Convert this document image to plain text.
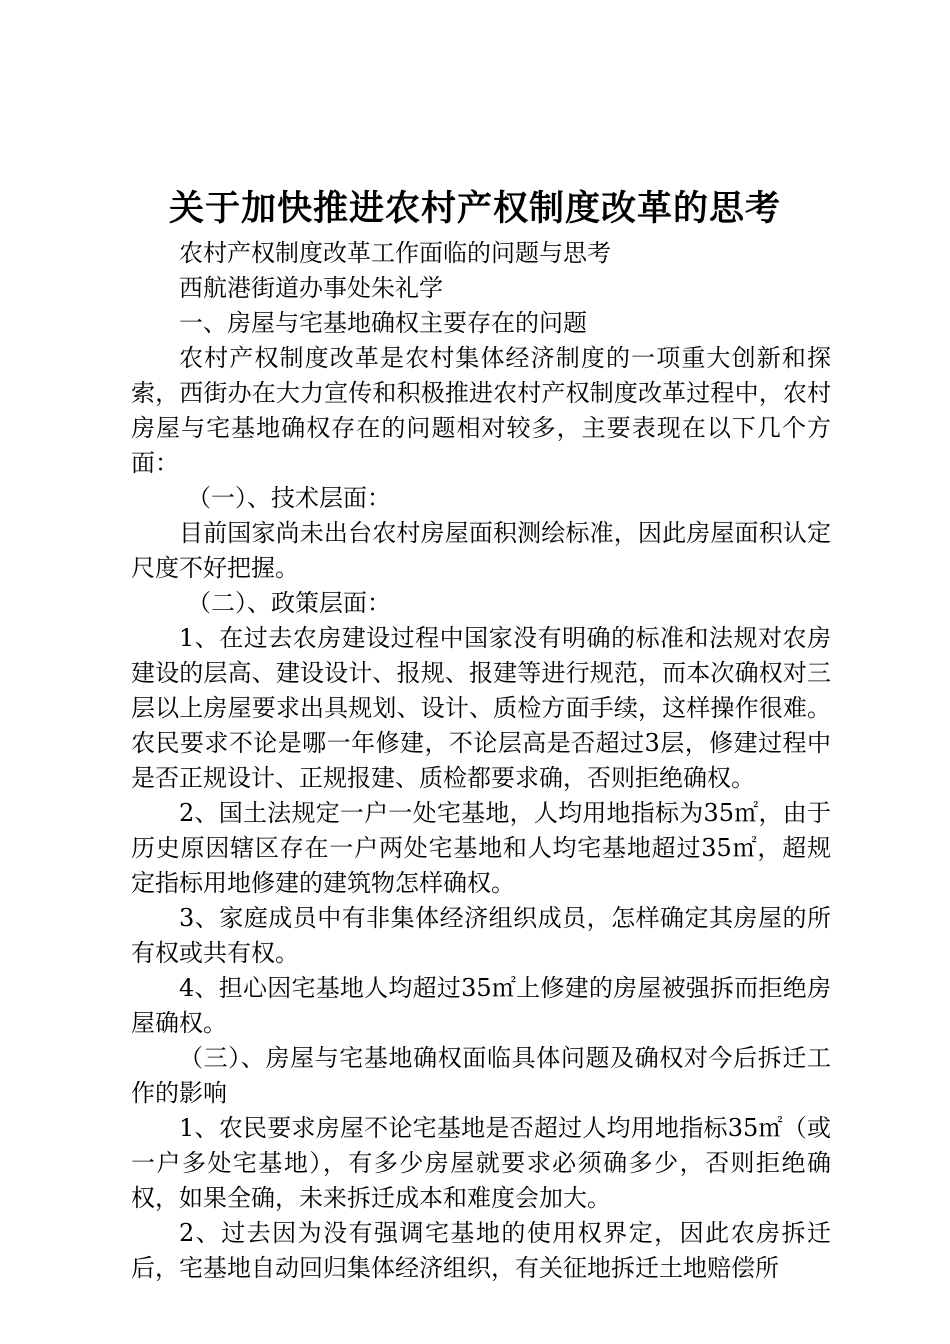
关于加快推进农村产权制度改革的思考

农村产权制度改革工作面临的问题与思考

西航港街道办事处朱礼学

一、房屋与宅基地确权主要存在的问题

农村产权制度改革是农村集体经济制度的一项重大创新和探索，西街办在大力宣传和积极推进农村产权制度改革过程中，农村房屋与宅基地确权存在的问题相对较多，主要表现在以下几个方面：

（一）、技术层面：

目前国家尚未出台农村房屋面积测绘标准，因此房屋面积认定尺度不好把握。

（二）、政策层面：

1、在过去农房建设过程中国家没有明确的标准和法规对农房建设的层高、建设设计、报规、报建等进行规范，而本次确权对三层以上房屋要求出具规划、设计、质检方面手续，这样操作很难。农民要求不论是哪一年修建，不论层高是否超过3层，修建过程中是否正规设计、正规报建、质检都要求确，否则拒绝确权。

2、国土法规定一户一处宅基地，人均用地指标为35㎡，由于历史原因辖区存在一户两处宅基地和人均宅基地超过35㎡，超规定指标用地修建的建筑物怎样确权。

3、家庭成员中有非集体经济组织成员，怎样确定其房屋的所有权或共有权。

4、担心因宅基地人均超过35㎡上修建的房屋被强拆而拒绝房屋确权。

（三）、房屋与宅基地确权面临具体问题及确权对今后拆迁工作的影响

1、农民要求房屋不论宅基地是否超过人均用地指标35㎡（或一户多处宅基地），有多少房屋就要求必须确多少，否则拒绝确权，如果全确，未来拆迁成本和难度会加大。

2、过去因为没有强调宅基地的使用权界定，因此农房拆迁后，宅基地自动回归集体经济组织，有关征地拆迁土地赔偿所
